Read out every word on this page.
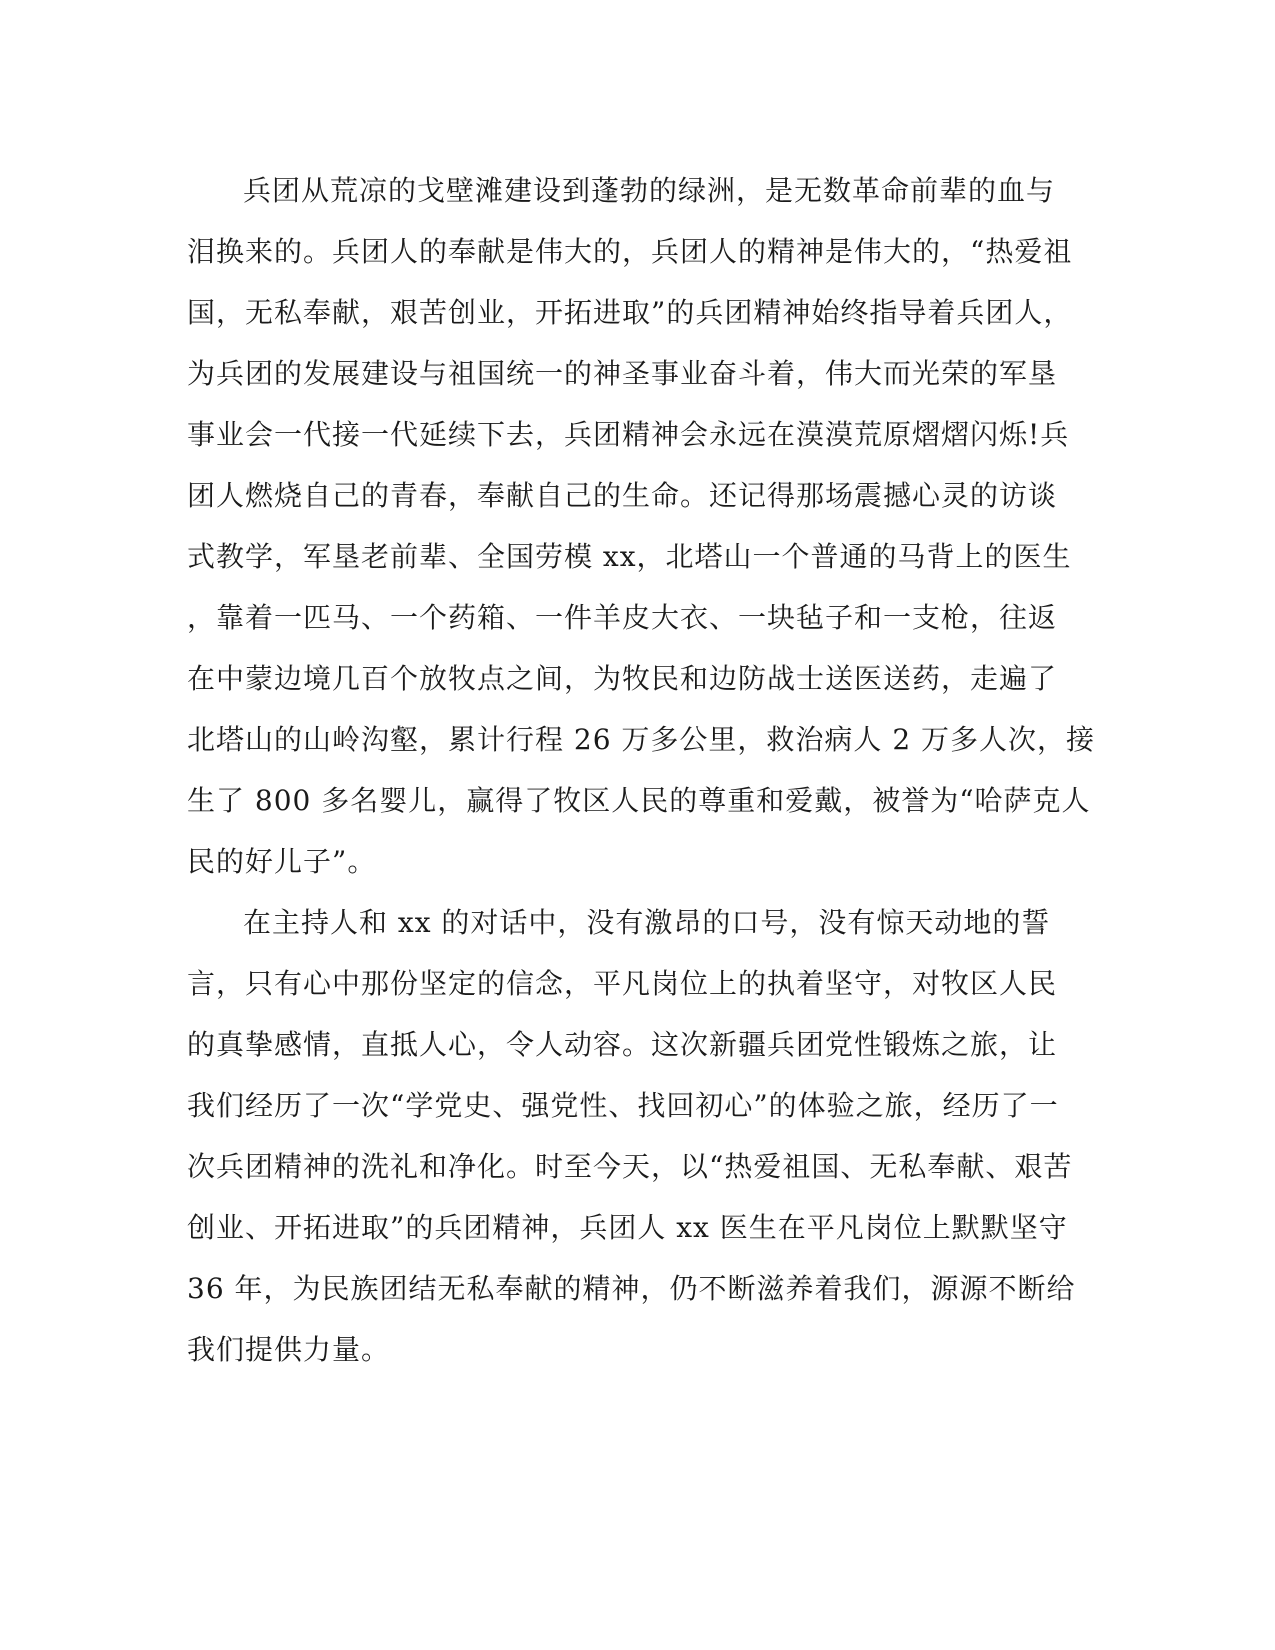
兵团从荒凉的戈壁滩建设到蓬勃的绿洲，是无数革命前辈的血与
泪换来的。兵团人的奉献是伟大的，兵团人的精神是伟大的，“热爱祖
国，无私奉献，艰苦创业，开拓进取”的兵团精神始终指导着兵团人，
为兵团的发展建设与祖国统一的神圣事业奋斗着，伟大而光荣的军垦
事业会一代接一代延续下去，兵团精神会永远在漠漠荒原熠熠闪烁!兵
团人燃烧自己的青春，奉献自己的生命。还记得那场震撼心灵的访谈
式教学，军垦老前辈、全国劳模 xx，北塔山一个普通的马背上的医生
，靠着一匹马、一个药箱、一件羊皮大衣、一块毡子和一支枪，往返
在中蒙边境几百个放牧点之间，为牧民和边防战士送医送药，走遍了
北塔山的山岭沟壑，累计行程 26 万多公里，救治病人 2 万多人次，接
生了 800 多名婴儿，赢得了牧区人民的尊重和爱戴，被誉为“哈萨克人
民的好儿子”。
在主持人和 xx 的对话中，没有激昂的口号，没有惊天动地的誓
言，只有心中那份坚定的信念，平凡岗位上的执着坚守，对牧区人民
的真挚感情，直抵人心，令人动容。这次新疆兵团党性锻炼之旅，让
我们经历了一次“学党史、强党性、找回初心”的体验之旅，经历了一
次兵团精神的洗礼和净化。时至今天，以“热爱祖国、无私奉献、艰苦
创业、开拓进取”的兵团精神，兵团人 xx 医生在平凡岗位上默默坚守
36 年，为民族团结无私奉献的精神，仍不断滋养着我们，源源不断给
我们提供力量。
